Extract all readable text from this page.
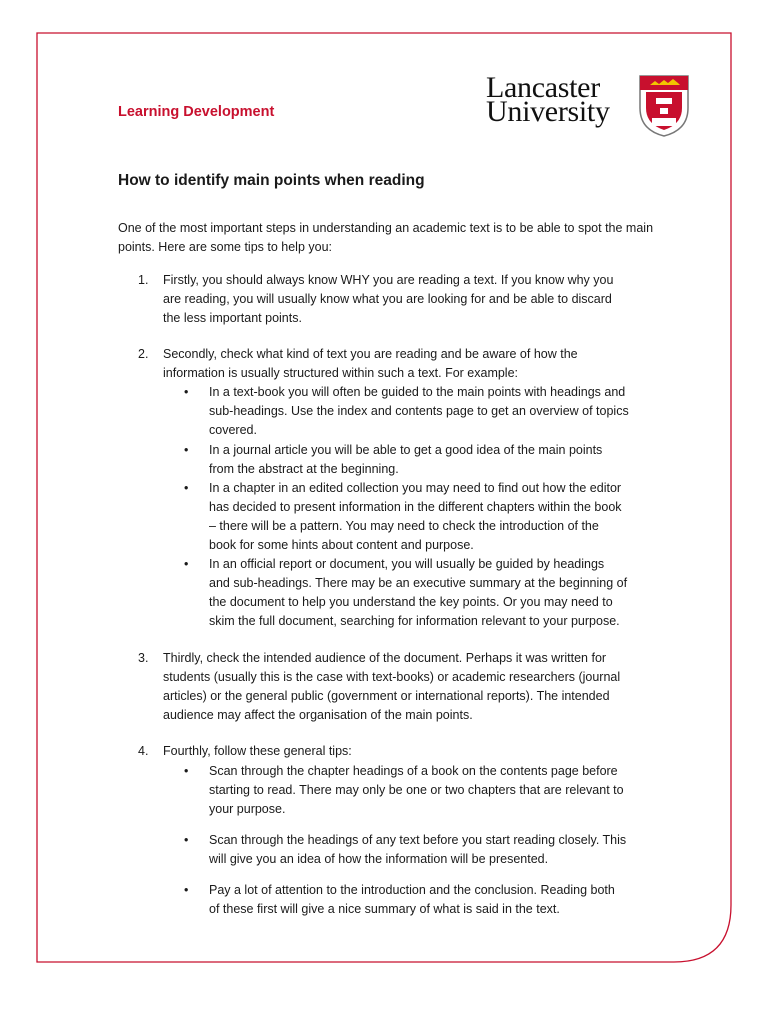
Learning Development
Lancaster
University
How to identify main points when reading

One of the most important steps in understanding an academic text is to be able to spot the main points. Here are some tips to help you:

1. Firstly, you should always know WHY you are reading a text. If you know why you
are reading, you will usually know what you are looking for and be able to discard
the less important points.
2. Secondly, check what kind of text you are reading and be aware of how the
information is usually structured within such a text. For example:
• In a text-book you will often be guided to the main points with headings and
sub-headings. Use the index and contents page to get an overview of topics
covered.
• In a journal article you will be able to get a good idea of the main points
from the abstract at the beginning.
• In a chapter in an edited collection you may need to find out how the editor
has decided to present information in the different chapters within the book
– there will be a pattern. You may need to check the introduction of the
book for some hints about content and purpose.
• In an official report or document, you will usually be guided by headings
and sub-headings. There may be an executive summary at the beginning of
the document to help you understand the key points. Or you may need to
skim the full document, searching for information relevant to your purpose.
3. Thirdly, check the intended audience of the document. Perhaps it was written for
students (usually this is the case with text-books) or academic researchers (journal
articles) or the general public (government or international reports). The intended
audience may affect the organisation of the main points.
4. Fourthly, follow these general tips:
• Scan through the chapter headings of a book on the contents page before
starting to read. There may only be one or two chapters that are relevant to
your purpose.
• Scan through the headings of any text before you start reading closely. This
will give you an idea of how the information will be presented.
• Pay a lot of attention to the introduction and the conclusion. Reading both
of these first will give a nice summary of what is said in the text.
